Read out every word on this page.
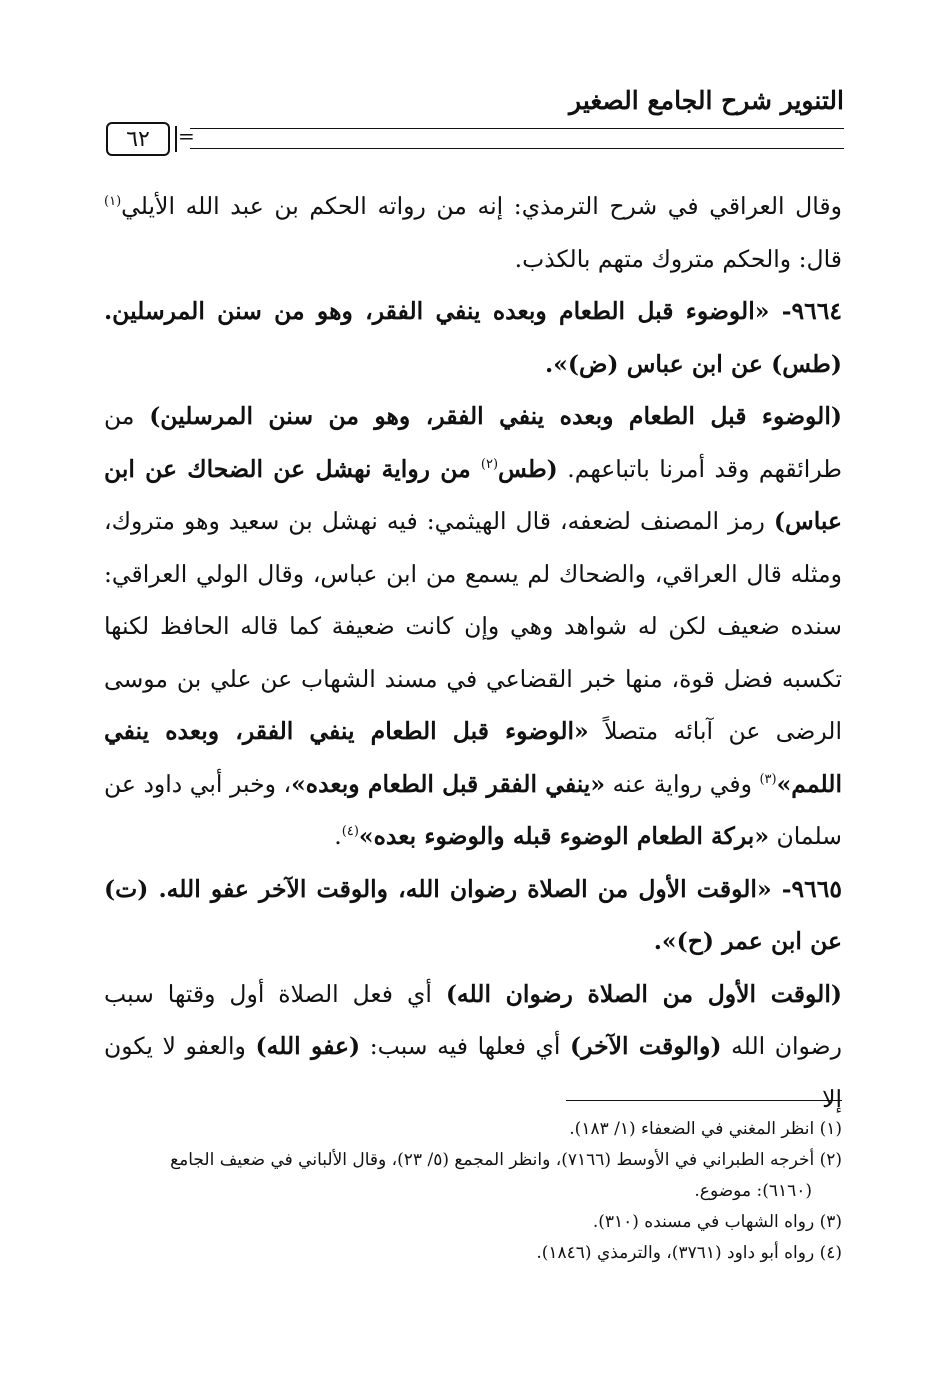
التنوير شرح الجامع الصغير
=
٦٢

وقال العراقي في شرح الترمذي: إنه من رواته الحكم بن عبد الله الأيلي$^{(١)}$ قال: والحكم متروك متهم بالكذب.

٩٦٦٤- «الوضوء قبل الطعام وبعده ينفي الفقر، وهو من سنن المرسلين. (طس) عن ابن عباس (ض)».

(الوضوء قبل الطعام وبعده ينفي الفقر، وهو من سنن المرسلين) من طرائقهم وقد أمرنا باتباعهم. (طس$^{(٢)}$ من رواية نهشل عن الضحاك عن ابن عباس) رمز المصنف لضعفه، قال الهيثمي: فيه نهشل بن سعيد وهو متروك، ومثله قال العراقي، والضحاك لم يسمع من ابن عباس، وقال الولي العراقي: سنده ضعيف لكن له شواهد وهي وإن كانت ضعيفة كما قاله الحافظ لكنها تكسبه فضل قوة، منها خبر القضاعي في مسند الشهاب عن علي بن موسى الرضى عن آبائه متصلاً «الوضوء قبل الطعام ينفي الفقر، وبعده ينفي اللمم»$^{(٣)}$ وفي رواية عنه «ينفي الفقر قبل الطعام وبعده»، وخبر أبي داود عن سلمان «بركة الطعام الوضوء قبله والوضوء بعده»$^{(٤)}$.

٩٦٦٥- «الوقت الأول من الصلاة رضوان الله، والوقت الآخر عفو الله. (ت) عن ابن عمر (ح)».

(الوقت الأول من الصلاة رضوان الله) أي فعل الصلاة أول وقتها سبب رضوان الله (والوقت الآخر) أي فعلها فيه سبب: (عفو الله) والعفو لا يكون إلا

(١) انظر المغني في الضعفاء (١/ ١٨٣).

(٢) أخرجه الطبراني في الأوسط (٧١٦٦)، وانظر المجمع (٥/ ٢٣)، وقال الألباني في ضعيف الجامع

(٦١٦٠): موضوع.

(٣) رواه الشهاب في مسنده (٣١٠).

(٤) رواه أبو داود (٣٧٦١)، والترمذي (١٨٤٦).
